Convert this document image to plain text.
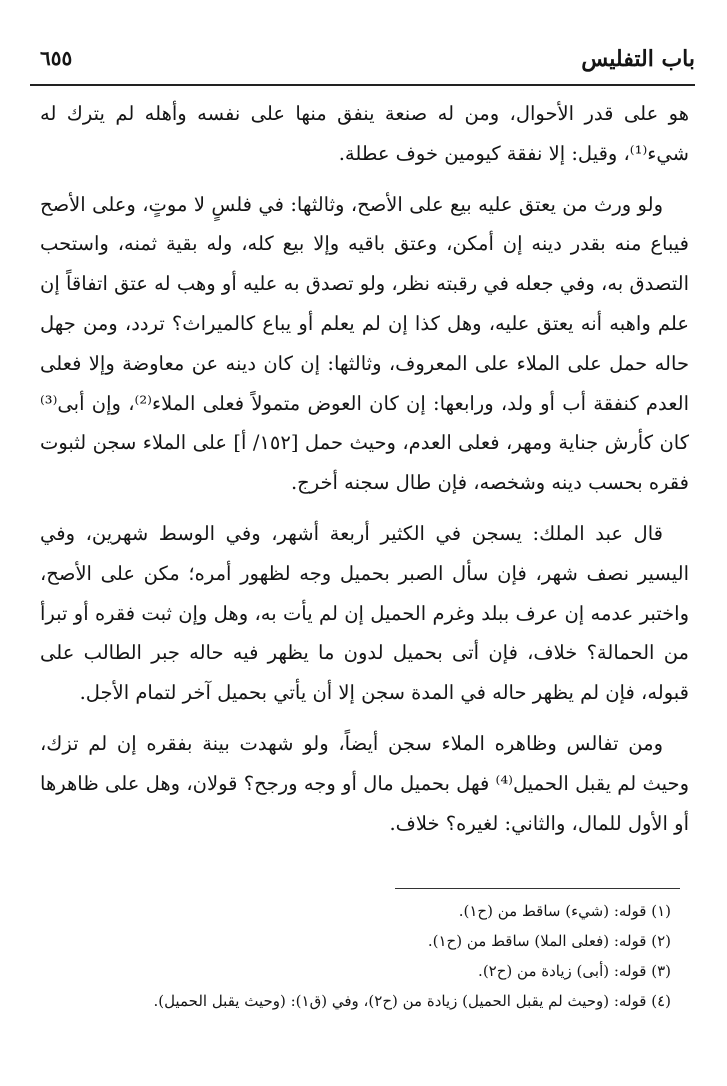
باب التفليس
٦٥٥

هو على قدر الأحوال، ومن له صنعة ينفق منها على نفسه وأهله لم يترك له شيء⁽¹⁾، وقيل: إلا نفقة كيومين خوف عطلة.

ولو ورث من يعتق عليه بيع على الأصح، وثالثها: في فلسٍ لا موتٍ، وعلى الأصح فيباع منه بقدر دينه إن أمكن، وعتق باقيه وإلا بيع كله، وله بقية ثمنه، واستحب التصدق به، وفي جعله في رقبته نظر، ولو تصدق به عليه أو وهب له عتق اتفاقاً إن علم واهبه أنه يعتق عليه، وهل كذا إن لم يعلم أو يباع كالميراث؟ تردد، ومن جهل حاله حمل على الملاء على المعروف، وثالثها: إن كان دينه عن معاوضة وإلا فعلى العدم كنفقة أب أو ولد، ورابعها: إن كان العوض متمولاً فعلى الملاء⁽²⁾، وإن أبى⁽³⁾ كان كأرش جناية ومهر، فعلى العدم، وحيث حمل [١٥٢/ أ] على الملاء سجن لثبوت فقره بحسب دينه وشخصه، فإن طال سجنه أخرج.

قال عبد الملك: يسجن في الكثير أربعة أشهر، وفي الوسط شهرين، وفي اليسير نصف شهر، فإن سأل الصبر بحميل وجه لظهور أمره؛ مكن على الأصح، واختبر عدمه إن عرف ببلد وغرم الحميل إن لم يأت به، وهل وإن ثبت فقره أو تبرأ من الحمالة؟ خلاف، فإن أتى بحميل لدون ما يظهر فيه حاله جبر الطالب على قبوله، فإن لم يظهر حاله في المدة سجن إلا أن يأتي بحميل آخر لتمام الأجل.

ومن تفالس وظاهره الملاء سجن أيضاً، ولو شهدت بينة بفقره إن لم تزك، وحيث لم يقبل الحميل⁽⁴⁾ فهل بحميل مال أو وجه ورجح؟ قولان، وهل على ظاهرها أو الأول للمال، والثاني: لغيره؟ خلاف.

(١) قوله: (شيء) ساقط من (ح١).
(٢) قوله: (فعلى الملا) ساقط من (ح١).
(٣) قوله: (أبى) زيادة من (ح٢).
(٤) قوله: (وحيث لم يقبل الحميل) زيادة من (ح٢)، وفي (ق١): (وحيث يقبل الحميل).
